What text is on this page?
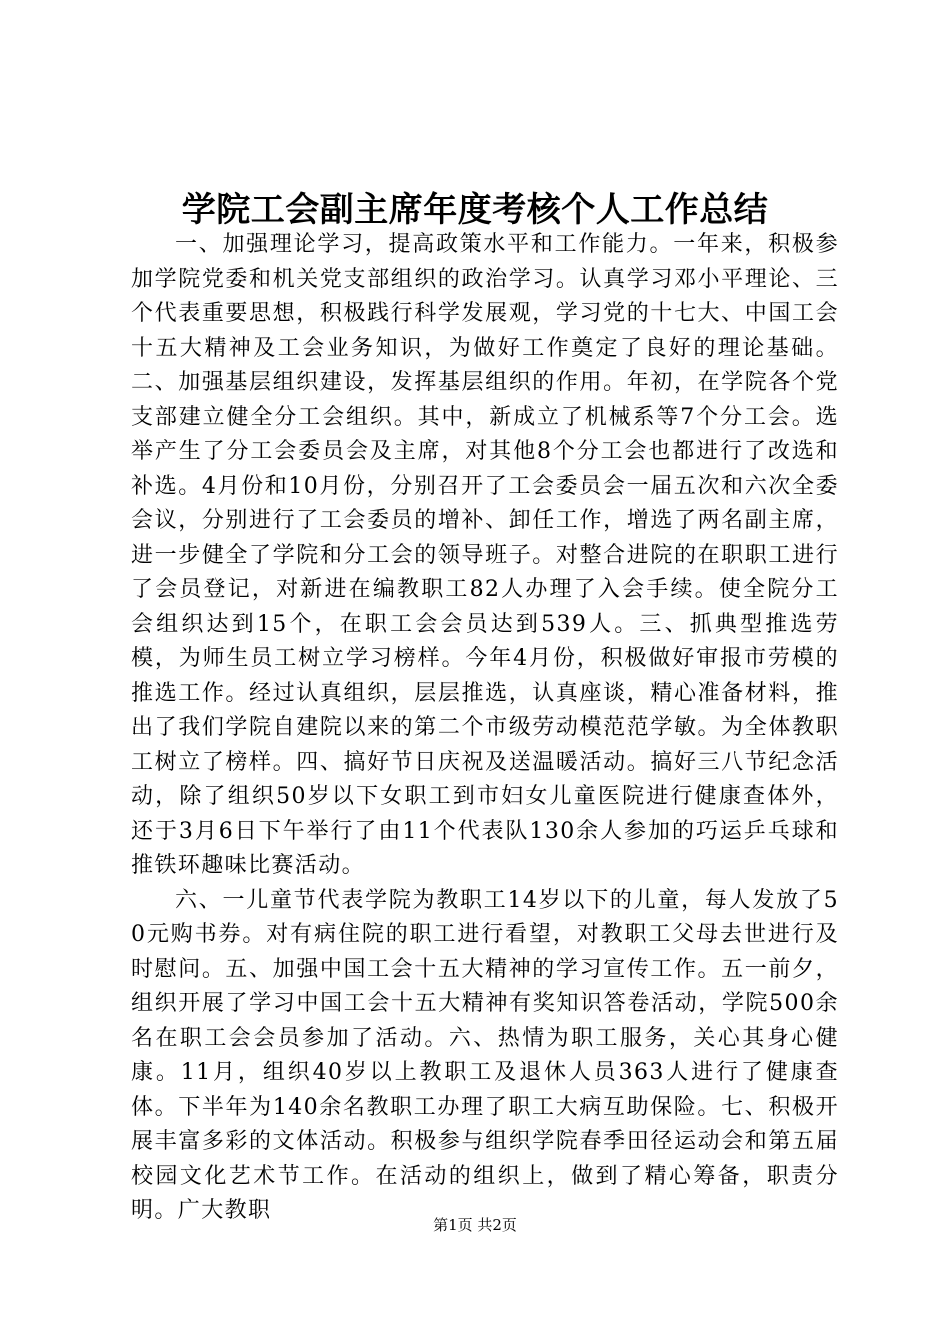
学院工会副主席年度考核个人工作总结

一、加强理论学习，提高政策水平和工作能力。一年来，积极参加学院党委和机关党支部组织的政治学习。认真学习邓小平理论、三个代表重要思想，积极践行科学发展观，学习党的十七大、中国工会十五大精神及工会业务知识，为做好工作奠定了良好的理论基础。二、加强基层组织建设，发挥基层组织的作用。年初，在学院各个党支部建立健全分工会组织。其中，新成立了机械系等7个分工会。选举产生了分工会委员会及主席，对其他8个分工会也都进行了改选和补选。4月份和10月份，分别召开了工会委员会一届五次和六次全委会议，分别进行了工会委员的增补、卸任工作，增选了两名副主席，进一步健全了学院和分工会的领导班子。对整合进院的在职职工进行了会员登记，对新进在编教职工82人办理了入会手续。使全院分工会组织达到15个，在职工会会员达到539人。三、抓典型推选劳模，为师生员工树立学习榜样。今年4月份，积极做好审报市劳模的推选工作。经过认真组织，层层推选，认真座谈，精心准备材料，推出了我们学院自建院以来的第二个市级劳动模范范学敏。为全体教职工树立了榜样。四、搞好节日庆祝及送温暖活动。搞好三八节纪念活动，除了组织50岁以下女职工到市妇女儿童医院进行健康查体外，还于3月6日下午举行了由11个代表队130余人参加的巧运乒乓球和推铁环趣味比赛活动。

六、一儿童节代表学院为教职工14岁以下的儿童，每人发放了50元购书券。对有病住院的职工进行看望，对教职工父母去世进行及时慰问。五、加强中国工会十五大精神的学习宣传工作。五一前夕，组织开展了学习中国工会十五大精神有奖知识答卷活动，学院500余名在职工会会员参加了活动。六、热情为职工服务，关心其身心健康。11月，组织40岁以上教职工及退休人员363人进行了健康查体。下半年为140余名教职工办理了职工大病互助保险。七、积极开展丰富多彩的文体活动。积极参与组织学院春季田径运动会和第五届校园文化艺术节工作。在活动的组织上，做到了精心筹备，职责分明。广大教职

第1页 共2页
